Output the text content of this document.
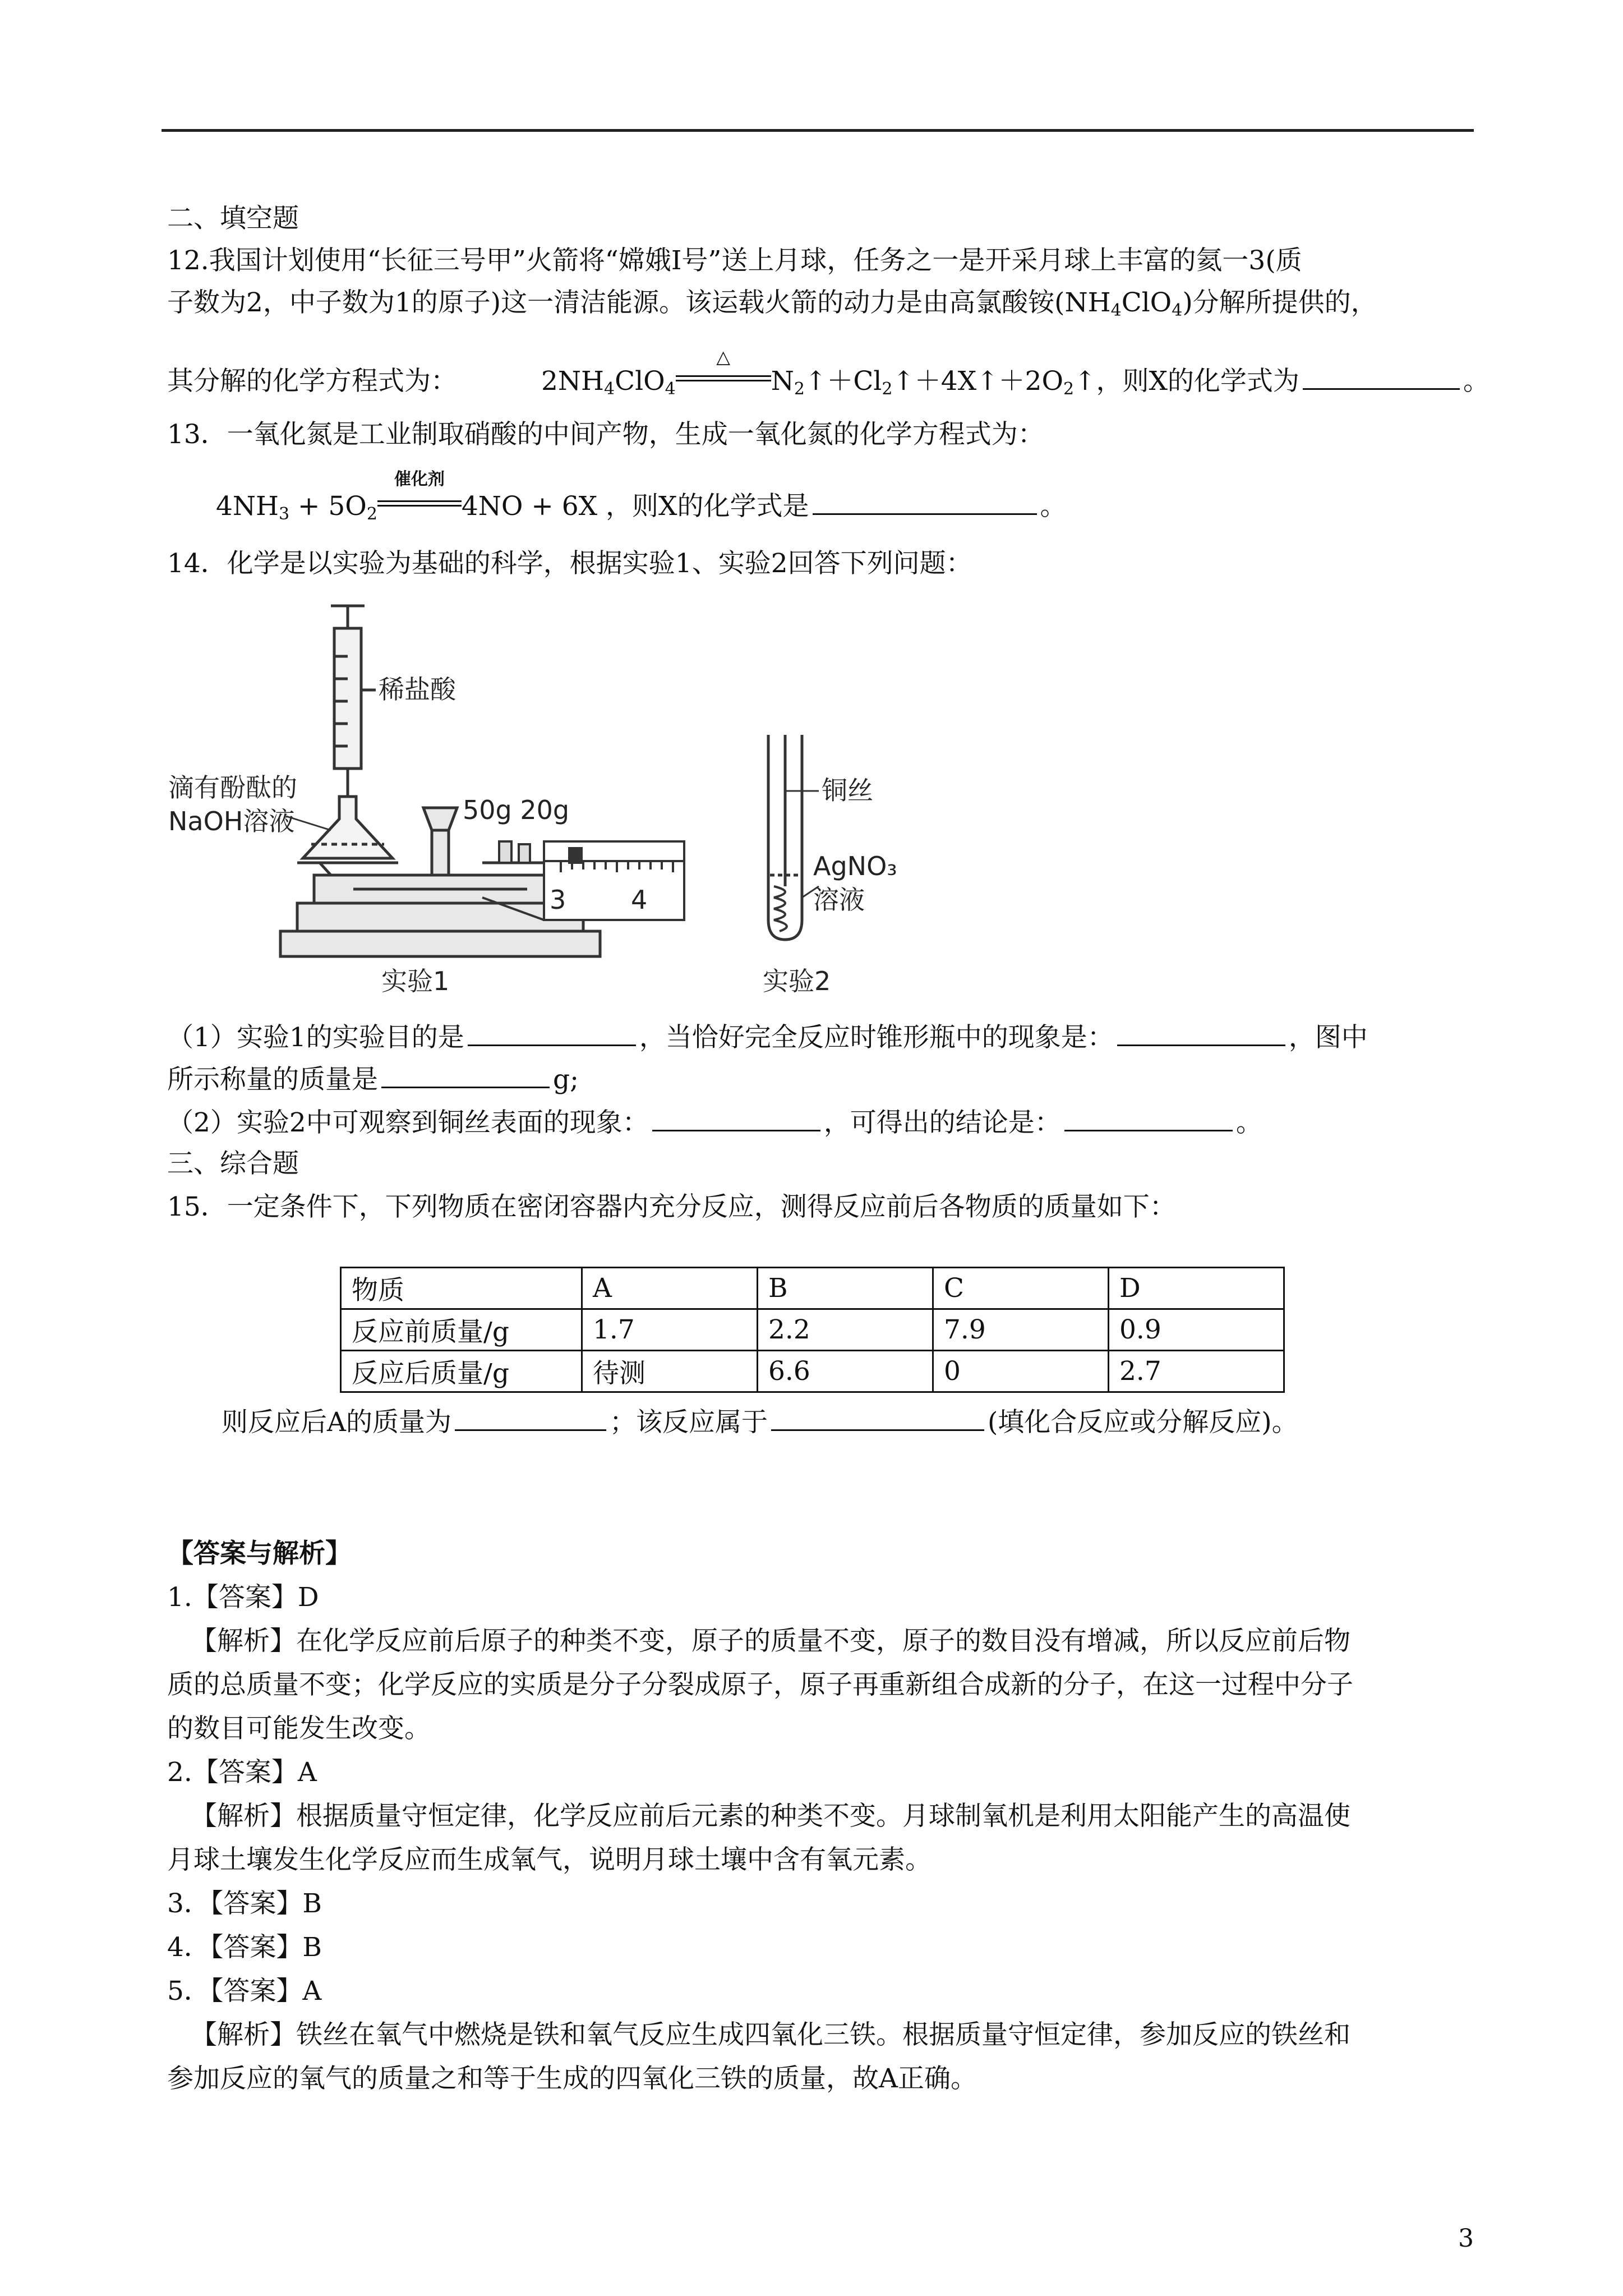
二、填空题
12.我国计划使用“长征三号甲”火箭将“嫦娥Ⅰ号”送上月球，任务之一是开采月球上丰富的氦一3(质
子数为2，中子数为1的原子)这一清洁能源。该运载火箭的动力是由高氯酸铵$(NH_4ClO_4)$分解所提供的，
其分解的化学方程式为：	$2NH_4ClO_4$
△
$N_2↑+Cl_2↑+4X↑+2O_2↑$，则X的化学式为	。
13．一氧化氮是工业制取硝酸的中间产物，生成一氧化氮的化学方程式为：
$4NH_3 + 5O_2$
催化剂
4NO + 6X ，则X的化学式是	。
14．化学是以实验为基础的科学，根据实验1、实验2回答下列问题：
稀盐酸
滴有酚酞的
NaOH溶液	50g 20g
3	4
铜丝
AgNO₃
溶液
实验1	实验2
（1）实验1的实验目的是	，当恰好完全反应时锥形瓶中的现象是：	，图中
所示称量的质量是	g;
（2）实验2中可观察到铜丝表面的现象：	，可得出的结论是：	。
三、综合题
15．一定条件下，下列物质在密闭容器内充分反应，测得反应前后各物质的质量如下：
物质	A	B	C	D
反应前质量/g	1.7	2.2	7.9	0.9
反应后质量/g	待测	6.6	0	2.7
则反应后A的质量为	；该反应属于	(填化合反应或分解反应)。
【答案与解析】
1.【答案】D
【解析】在化学反应前后原子的种类不变，原子的质量不变，原子的数目没有增减，所以反应前后物
质的总质量不变；化学反应的实质是分子分裂成原子，原子再重新组合成新的分子，在这一过程中分子
的数目可能发生改变。
2.【答案】A
【解析】根据质量守恒定律，化学反应前后元素的种类不变。月球制氧机是利用太阳能产生的高温使
月球土壤发生化学反应而生成氧气，说明月球土壤中含有氧元素。
3．【答案】B
4．【答案】B
5．【答案】A
【解析】铁丝在氧气中燃烧是铁和氧气反应生成四氧化三铁。根据质量守恒定律，参加反应的铁丝和
参加反应的氧气的质量之和等于生成的四氧化三铁的质量，故A正确。
3
